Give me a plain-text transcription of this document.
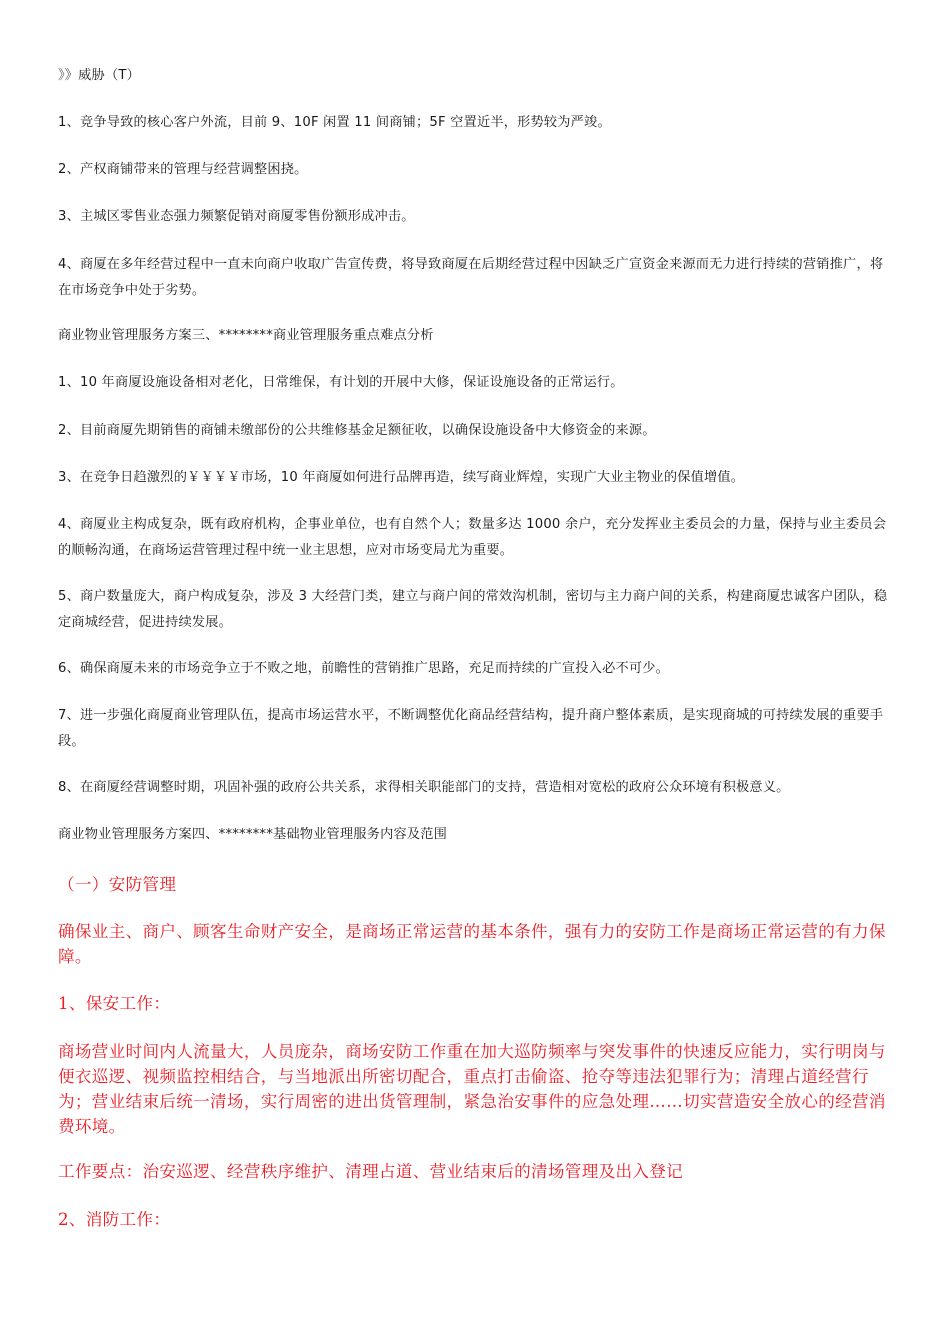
》》威胁（T）

1、竞争导致的核心客户外流，目前 9、10F 闲置 11 间商铺；5F 空置近半，形势较为严竣。

2、产权商铺带来的管理与经营调整困挠。

3、主城区零售业态强力频繁促销对商厦零售份额形成冲击。

4、商厦在多年经营过程中一直未向商户收取广告宣传费，将导致商厦在后期经营过程中因缺乏广宣资金来源而无力进行持续的营销推广，将在市场竞争中处于劣势。

商业物业管理服务方案三、********商业管理服务重点难点分析

1、10 年商厦设施设备相对老化，日常维保，有计划的开展中大修，保证设施设备的正常运行。

2、目前商厦先期销售的商铺未缴部份的公共维修基金足额征收，以确保设施设备中大修资金的来源。

3、在竞争日趋激烈的￥￥￥￥市场，10 年商厦如何进行品牌再造，续写商业辉煌，实现广大业主物业的保值增值。

4、商厦业主构成复杂，既有政府机构，企事业单位，也有自然个人；数量多达 1000 余户，充分发挥业主委员会的力量，保持与业主委员会的顺畅沟通，在商场运营管理过程中统一业主思想，应对市场变局尤为重要。

5、商户数量庞大，商户构成复杂，涉及 3 大经营门类，建立与商户间的常效沟机制，密切与主力商户间的关系，构建商厦忠诚客户团队，稳定商城经营，促进持续发展。

6、确保商厦未来的市场竞争立于不败之地，前瞻性的营销推广思路，充足而持续的广宣投入必不可少。

7、进一步强化商厦商业管理队伍，提高市场运营水平，不断调整优化商品经营结构，提升商户整体素质，是实现商城的可持续发展的重要手段。

8、在商厦经营调整时期，巩固补强的政府公共关系，求得相关职能部门的支持，营造相对宽松的政府公众环境有积极意义。

商业物业管理服务方案四、********基础物业管理服务内容及范围

（一）安防管理

确保业主、商户、顾客生命财产安全，是商场正常运营的基本条件，强有力的安防工作是商场正常运营的有力保障。

1、保安工作：

商场营业时间内人流量大，人员庞杂，商场安防工作重在加大巡防频率与突发事件的快速反应能力，实行明岗与便衣巡逻、视频监控相结合，与当地派出所密切配合，重点打击偷盗、抢夺等违法犯罪行为；清理占道经营行为；营业结束后统一清场，实行周密的进出货管理制，紧急治安事件的应急处理……切实营造安全放心的经营消费环境。

工作要点：治安巡逻、经营秩序维护、清理占道、营业结束后的清场管理及出入登记

2、消防工作：
